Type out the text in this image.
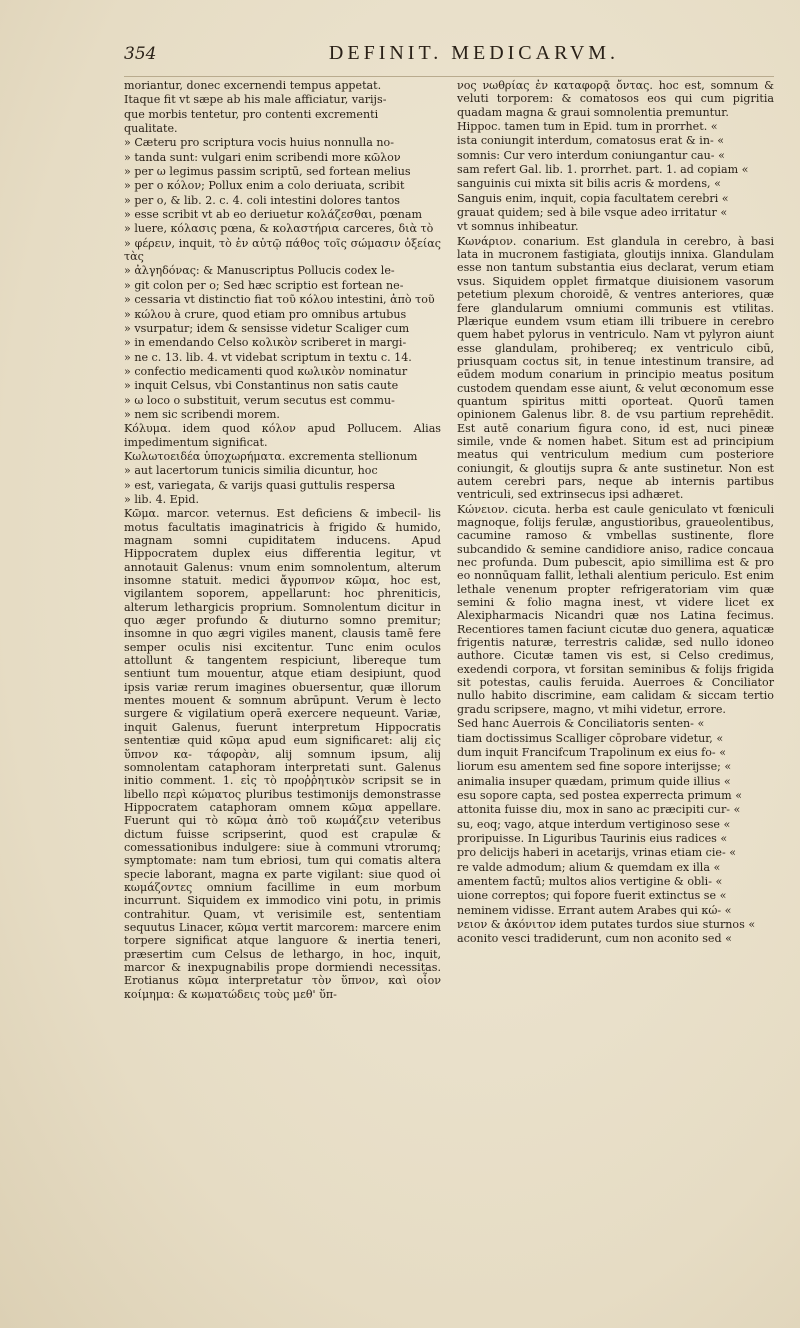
354	DEFINIT. MEDICARVM.

moriantur, donec excernendi tempus appetat.

Itaque fit vt sæpe ab his male afficiatur, varijs-

que morbis tentetur, pro contenti excrementi

qualitate.

» Cæteru pro scriptura vocis huius nonnulla no-

» tanda sunt: vulgari enim scribendi more κῶλον

» per ω legimus passim scriptū, sed fortean melius

» per ο κόλον; Pollux enim a colo deriuata, scribit

» per ο, & lib. 2. c. 4. coli intestini dolores tantos

» esse scribit vt ab eo deriuetur κολάζεσθαι, pœnam

» luere, κόλασις pœna, & κολαστήρια carceres, διὰ τὸ

» φέρειν, inquit, τὸ ἐν αὐτῷ πάθος τοῖς σώμασιν ὀξείας τὰς

» ἀλγηδόνας: & Manuscriptus Pollucis codex le-

» git colon per ο; Sed hæc scriptio est fortean ne-

» cessaria vt distinctio fiat τοῦ κόλου intestini, ἀπὸ τοῦ

» κώλου à crure, quod etiam pro omnibus artubus

» vsurpatur; idem & sensisse videtur Scaliger cum

» in emendando Celso κολικὸν scriberet in margi-

» ne c. 13. lib. 4. vt videbat scriptum in textu c. 14.

» confectio medicamenti quod κωλικὸν nominatur

» inquit Celsus, vbi Constantinus non satis caute

» ω loco ο substituit, verum secutus est commu-

» nem sic scribendi morem.

Κόλυμα. idem quod κόλον apud Pollucem. Alias impedimentum significat.

Κωλωτοειδέα ὑποχωρήματα. excrementa stellionum

» aut lacertorum tunicis similia dicuntur, hoc

» est, variegata, & varijs quasi guttulis respersa

» lib. 4. Epid.

Κῶμα. marcor. veternus. Est deficiens & imbecil- lis motus facultatis imaginatricis à frigido & humido, magnam somni cupiditatem inducens. Apud Hippocratem duplex eius differentia legitur, vt annotauit Galenus: vnum enim somnolentum, alterum insomne statuit. medici ἄγρυπνον κῶμα, hoc est, vigilantem soporem, appellarunt: hoc phreniticis, alterum lethargicis proprium. Somnolentum dicitur in quo æger profundo & diuturno somno premitur; insomne in quo ægri vigiles manent, clausis tamē fere semper oculis nisi excitentur. Tunc enim oculos attollunt & tangentem respiciunt, libereque tum sentiunt tum mouentur, atque etiam desipiunt, quod ipsis variæ rerum imagines obuersentur, quæ illorum mentes mouent & somnum abrūpunt. Verum è lecto surgere & vigilatium operā exercere nequeunt. Variæ, inquit Galenus, fuerunt interpretum Hippocratis sententiæ quid κῶμα apud eum significaret: alij εἰς ὕπνον κα- τάφορὰν, alij somnum ipsum, alij somnolentam cataphoram interpretati sunt. Galenus initio comment. 1. εἰς τὸ προῤῥητικὸν scripsit se in libello περὶ κώματος pluribus testimonijs demonstrasse Hippocratem cataphoram omnem κῶμα appellare. Fuerunt qui τὸ κῶμα ἀπὸ τοῦ κωμάζειν veteribus dictum fuisse scripserint, quod est crapulæ & comessationibus indulgere: siue à communi vtrorumq; symptomate: nam tum ebriosi, tum qui comatis altera specie laborant, magna ex parte vigilant: siue quod οἱ κωμάζοντες omnium facillime in eum morbum incurrunt. Siquidem ex immodico vini potu, in primis contrahitur. Quam, vt verisimile est, sententiam sequutus Linacer, κῶμα vertit marcorem: marcere enim torpere significat atque languore & inertia teneri, præsertim cum Celsus de lethargo, in hoc, inquit, marcor & inexpugnabilis prope dormiendi necessitas. Erotianus κῶμα interpretatur τὸν ὕπνον, καὶ οἷον κοίμημα: & κωματώδεις τοὺς μεθ' ὕπ-

νος νωθρίας ἐν καταφορᾷ ὄντας. hoc est, somnum & veluti torporem: & comatosos eos qui cum pigritia quadam magna & graui somnolentia premuntur.

Hippoc. tamen tum in Epid. tum in prorrhet. «

ista coniungit interdum, comatosus erat & in- «

somnis: Cur vero interdum coniungantur cau- «

sam refert Gal. lib. 1. prorrhet. part. 1. ad copiam «

sanguinis cui mixta sit bilis acris & mordens, «

Sanguis enim, inquit, copia facultatem cerebri «

grauat quidem; sed à bile vsque adeo irritatur «

vt somnus inhibeatur.

Κωνάριον. conarium. Est glandula in cerebro, à basi lata in mucronem fastigiata, gloutijs innixa. Glandulam esse non tantum substantia eius declarat, verum etiam vsus. Siquidem opplet firmatque diuisionem vasorum petetium plexum choroidē, & ventres anteriores, quæ fere glandularum omniumi communis est vtilitas. Plærique eundem vsum etiam illi tribuere in cerebro quem habet pylorus in ventriculo. Nam vt pylyron aiunt esse glandulam, prohibereq; ex ventriculo cibū, priusquam coctus sit, in tenue intestinum transire, ad eūdem modum conarium in principio meatus positum custodem quendam esse aiunt, & velut œconomum esse quantum spiritus mitti oporteat. Quorū tamen opinionem Galenus libr. 8. de vsu partium reprehēdit. Est autē conarium figura cono, id est, nuci pineæ simile, vnde & nomen habet. Situm est ad principium meatus qui ventriculum medium cum posteriore coniungit, & gloutijs supra & ante sustinetur. Non est autem cerebri pars, neque ab internis partibus ventriculi, sed extrinsecus ipsi adhæret.

Κώνειον. cicuta. herba est caule geniculato vt fœniculi magnoque, folijs ferulæ, angustioribus, graueolentibus, cacumine ramoso & vmbellas sustinente, flore subcandido & semine candidiore aniso, radice concaua nec profunda. Dum pubescit, apio simillima est & pro eo nonnūquam fallit, lethali alentium periculo. Est enim lethale venenum propter refrigeratoriam vim quæ semini & folio magna inest, vt videre licet ex Alexipharmacis Nicandri quæ nos Latina fecimus. Recentiores tamen faciunt cicutæ duo genera, aquaticæ frigentis naturæ, terrestris calidæ, sed nullo idoneo authore. Cicutæ tamen vis est, si Celso credimus, exedendi corpora, vt forsitan seminibus & folijs frigida sit potestas, caulis feruida. Auerroes & Conciliator nullo habito discrimine, eam calidam & siccam tertio gradu scripsere, magno, vt mihi videtur, errore.

Sed hanc Auerrois & Conciliatoris senten- «

tiam doctissimus Scalliger cōprobare videtur, «

dum inquit Francifcum Trapolinum ex eius fo- «

liorum esu amentem sed fine sopore interijsse; «

animalia insuper quædam, primum quide illius «

esu sopore capta, sed postea experrecta primum «

attonita fuisse diu, mox in sano ac præcipiti cur- «

su, eoq; vago, atque interdum vertiginoso sese «

proripuisse. In Liguribus Taurinis eius radices «

pro delicijs haberi in acetarijs, vrinas etiam cie- «

re valde admodum; alium & quemdam ex illa «

amentem factū; multos alios vertigine & obli- «

uione correptos; qui fopore fuerit extinctus se «

neminem vidisse. Errant autem Arabes qui κώ- «

νειον & ἀκόνιτον idem putates turdos siue sturnos «

aconito vesci tradiderunt, cum non aconito sed «
